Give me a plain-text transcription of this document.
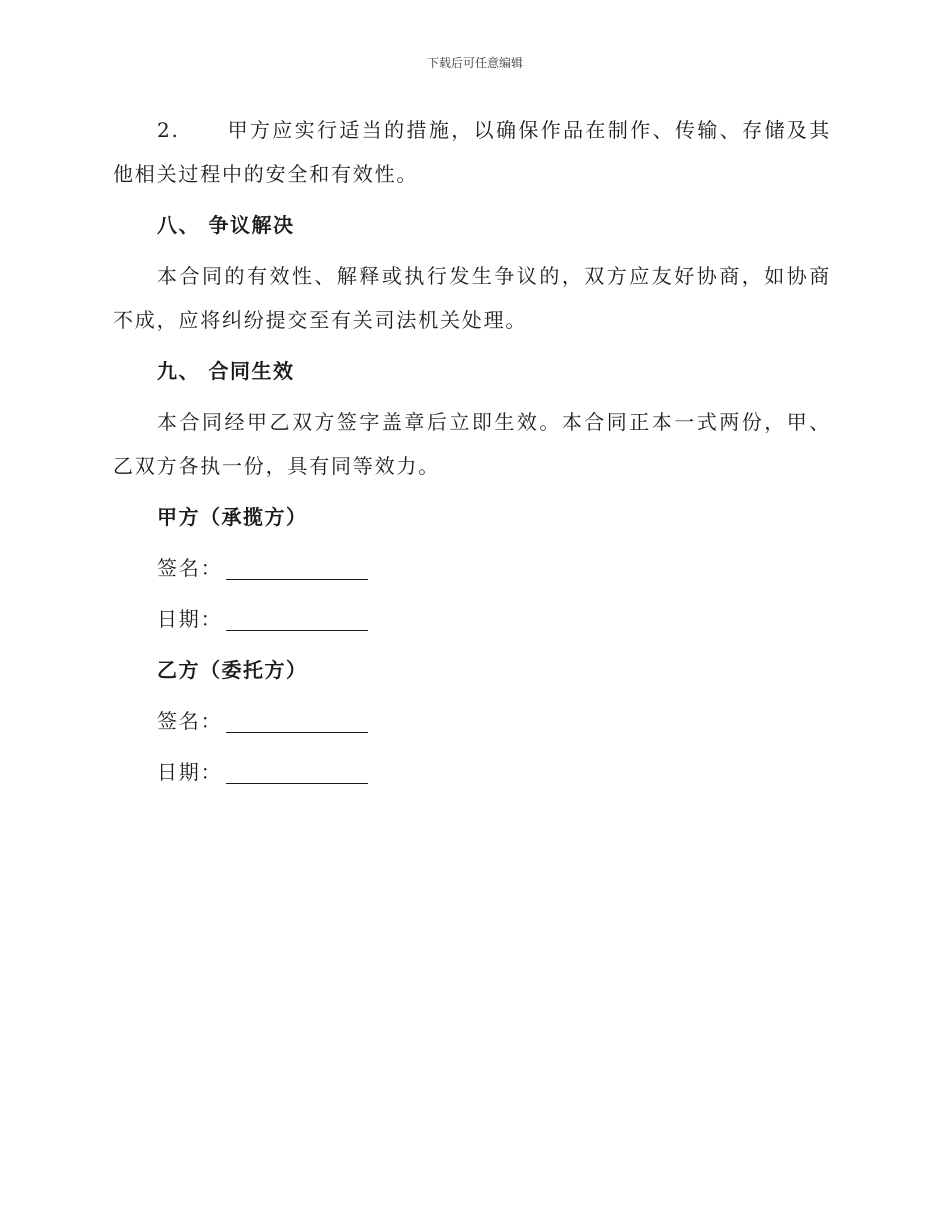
下载后可任意编辑

2. 甲方应实行适当的措施，以确保作品在制作、传输、存储及其他相关过程中的安全和有效性。

八、 争议解决

本合同的有效性、解释或执行发生争议的，双方应友好协商，如协商不成，应将纠纷提交至有关司法机关处理。

九、 合同生效

本合同经甲乙双方签字盖章后立即生效。本合同正本一式两份，甲、乙双方各执一份，具有同等效力。

甲方（承揽方）
签名：
日期：
乙方（委托方）
签名：
日期：
